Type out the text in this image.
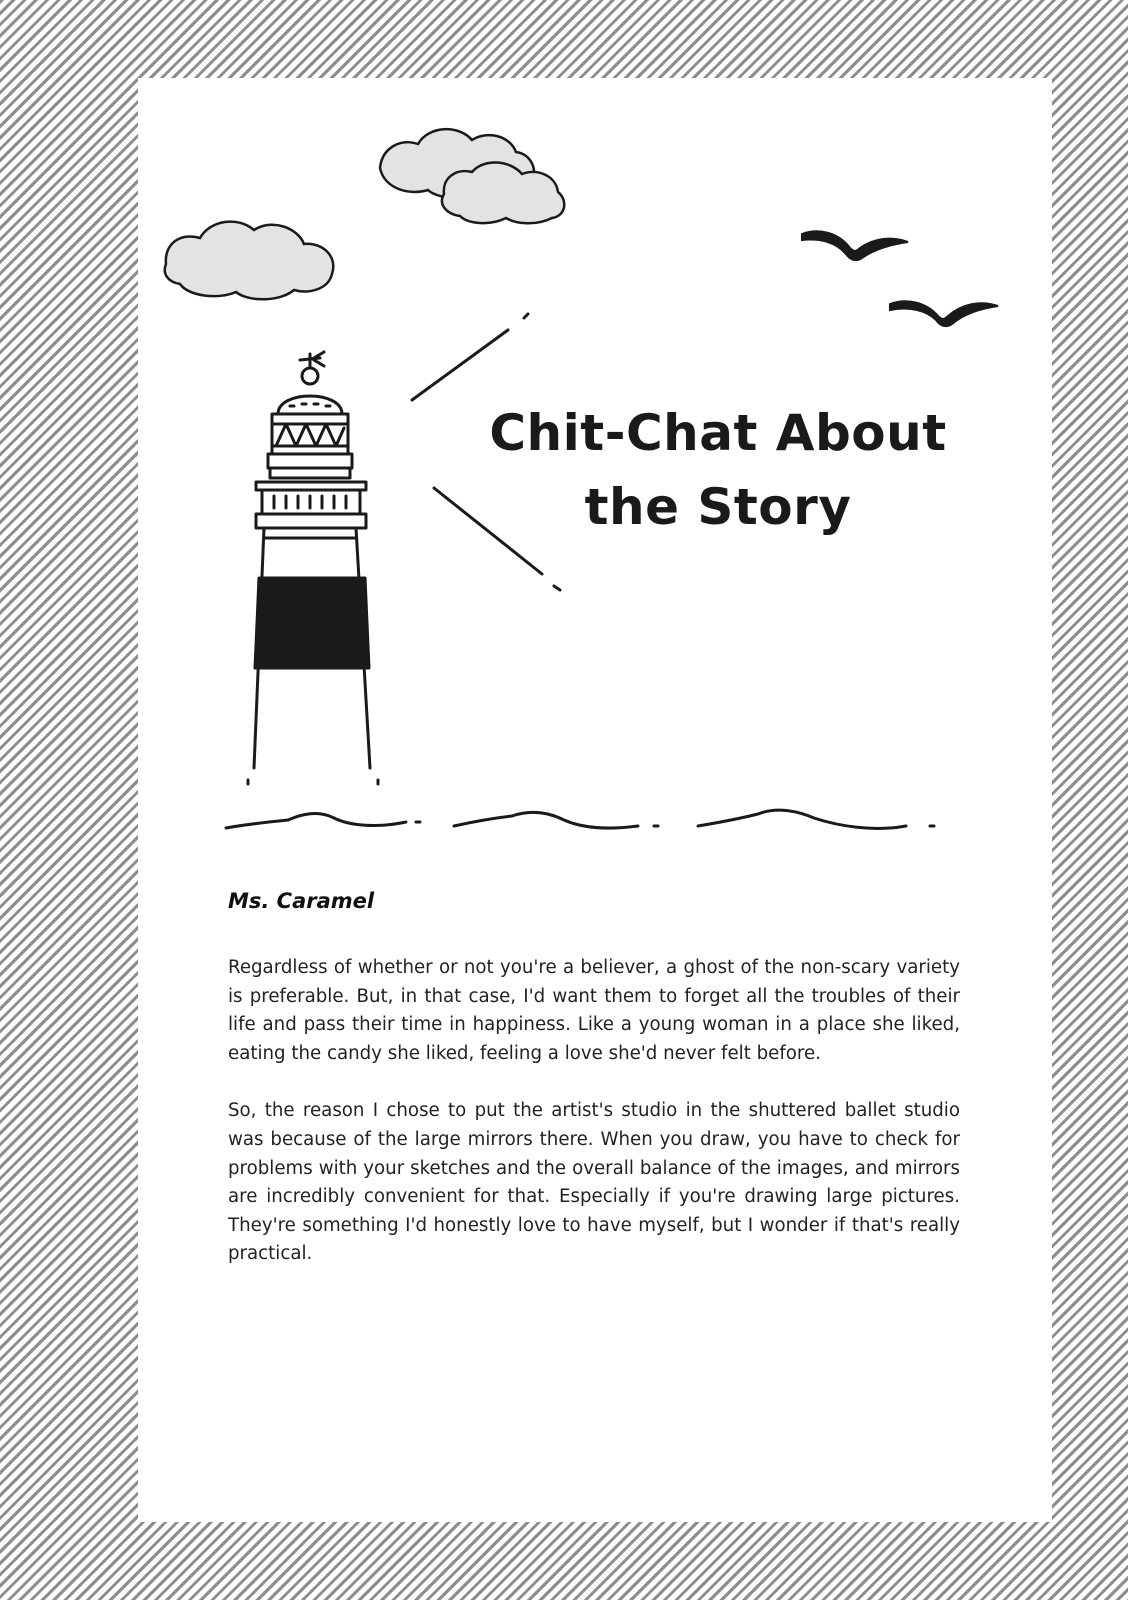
Chit-Chat About
the Story
Ms. Caramel

Regardless of whether or not you're a believer, a ghost of the non-scary variety is preferable. But, in that case, I'd want them to forget all the troubles of their life and pass their time in happiness. Like a young woman in a place she liked, eating the candy she liked, feeling a love she'd never felt before.

So, the reason I chose to put the artist's studio in the shuttered ballet studio was because of the large mirrors there. When you draw, you have to check for problems with your sketches and the overall balance of the images, and mirrors are incredibly convenient for that. Especially if you're drawing large pictures. They're something I'd honestly love to have myself, but I wonder if that's really practical.
